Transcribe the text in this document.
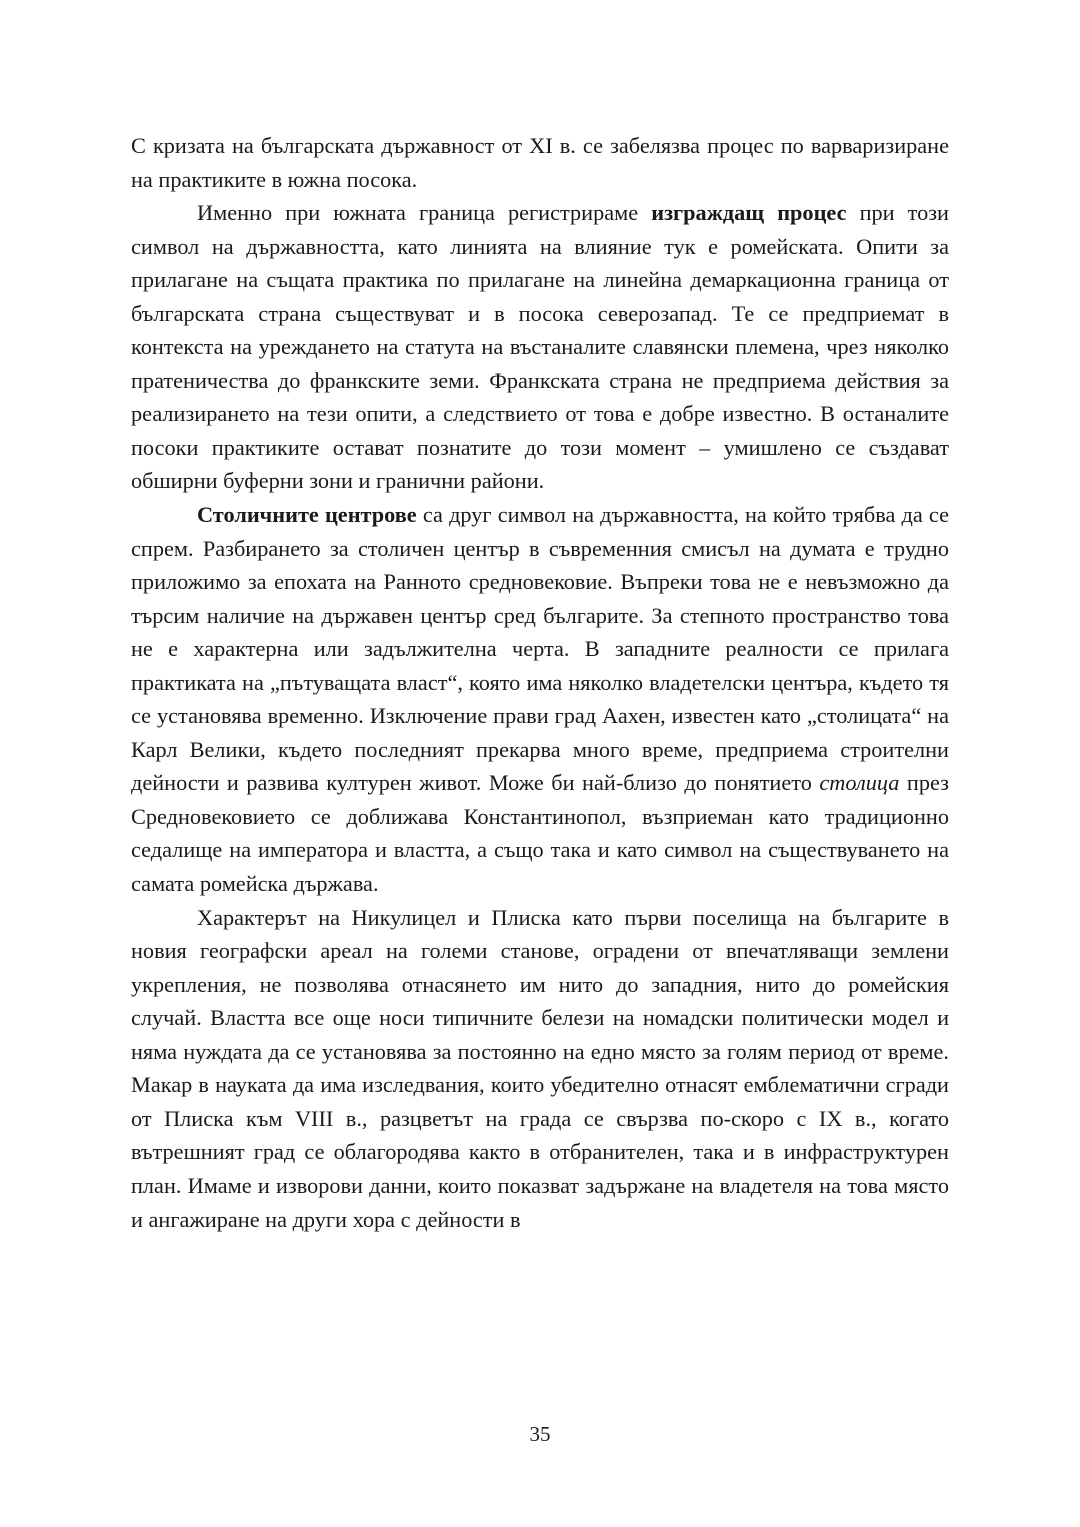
С кризата на българската държавност от XI в. се забелязва процес по варваризиране на практиките в южна посока.

Именно при южната граница регистрираме изграждащ процес при този символ на държавността, като линията на влияние тук е ромейската. Опити за прилагане на същата практика по прилагане на линейна демаркационна граница от българската страна съществуват и в посока северозапад. Те се предприемат в контекста на уреждането на статута на въстаналите славянски племена, чрез няколко пратеничества до франкските земи. Франкската страна не предприема действия за реализирането на тези опити, а следствието от това е добре известно. В останалите посоки практиките остават познатите до този момент – умишлено се създават обширни буферни зони и гранични райони.

Столичните центрове са друг символ на държавността, на който трябва да се спрем. Разбирането за столичен център в съвременния смисъл на думата е трудно приложимо за епохата на Ранното средновековие. Въпреки това не е невъзможно да търсим наличие на държавен център сред българите. За степното пространство това не е характерна или задължителна черта. В западните реалности се прилага практиката на „пътуващата власт“, която има няколко владетелски центъра, където тя се установява временно. Изключение прави град Аахен, известен като „столицата“ на Карл Велики, където последният прекарва много време, предприема строителни дейности и развива културен живот. Може би най-близо до понятието столица през Средновековието се доближава Константинопол, възприеман като традиционно седалище на императора и властта, а също така и като символ на съществуването на самата ромейска държава.

Характерът на Никулицел и Плиска като първи поселища на българите в новия географски ареал на големи станове, оградени от впечатляващи землени укрепления, не позволява отнасянето им нито до западния, нито до ромейския случай. Властта все още носи типичните белези на номадски политически модел и няма нуждата да се установява за постоянно на едно място за голям период от време. Макар в науката да има изследвания, които убедително отнасят емблематични сгради от Плиска към VIII в., разцветът на града се свързва по-скоро с IX в., когато вътрешният град се облагородява както в отбранителен, така и в инфраструктурен план. Имаме и изворови данни, които показват задържане на владетеля на това място и ангажиране на други хора с дейности в

35
